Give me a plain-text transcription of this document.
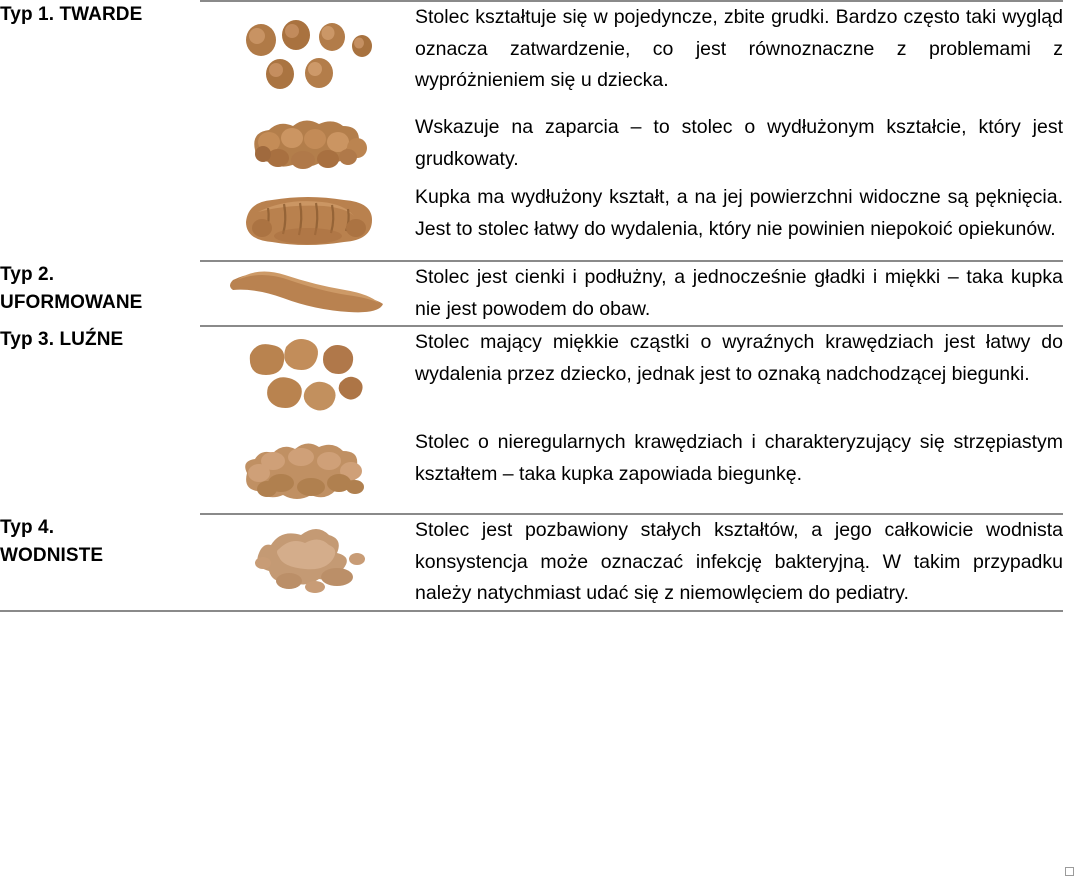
Typ 1. TWARDE		Stolec kształtuje się w pojedyncze, zbite grudki. Bardzo często taki wygląd oznacza zatwardzenie, co jest równoznaczne z problemami z wypróżnieniem się u dziecka.

Wskazuje na zaparcia – to stolec o wydłużonym kształcie, który jest grudkowaty.

Kupka ma wydłużony kształt, a na jej powierzchni widoczne są pęknięcia. Jest to stolec łatwy do wydalenia, który nie powinien niepokoić opiekunów.

Typ 2.
UFORMOWANE		Stolec jest cienki i podłużny, a jednocześnie gładki i miękki – taka kupka nie jest powodem do obaw.

Typ 3. LUŹNE		Stolec mający miękkie cząstki o wyraźnych krawędziach jest łatwy do wydalenia przez dziecko, jednak jest to oznaką nadchodzącej biegunki.

Stolec o nieregularnych krawędziach i charakteryzujący się strzępiastym kształtem – taka kupka zapowiada biegunkę.

Typ 4.
WODNISTE		Stolec jest pozbawiony stałych kształtów, a jego całkowicie wodnista konsystencja może oznaczać infekcję bakteryjną. W takim przypadku należy natychmiast udać się z niemowlęciem do pediatry.
